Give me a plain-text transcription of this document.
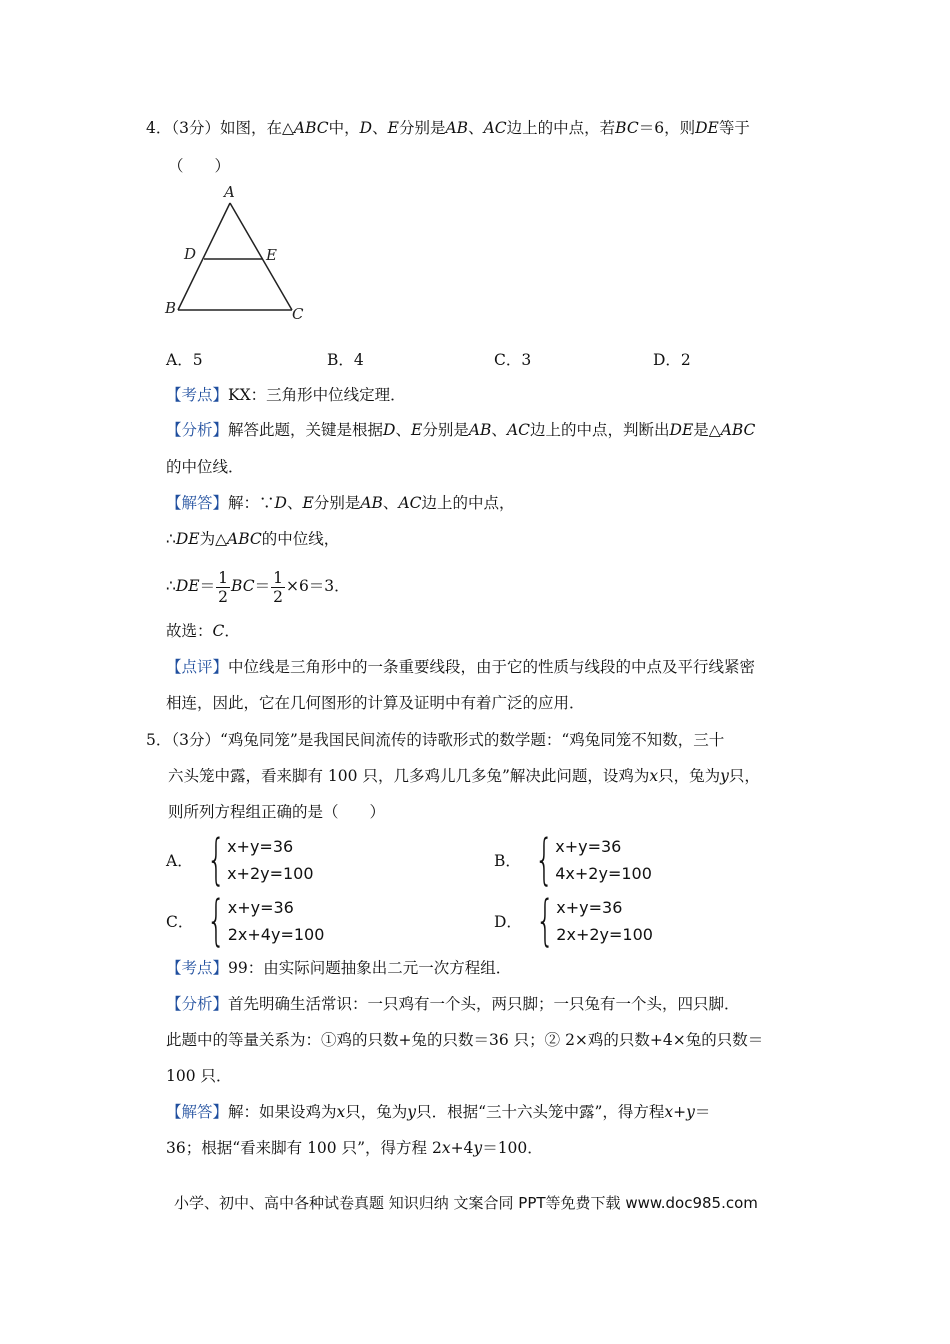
4．（3分）如图，在△ABC中，D、E分别是AB、AC边上的中点，若BC＝6，则DE等于
（　　）
A
D	E
B	C
A．5	B．4	C．3	D．2
【考点】KX：三角形中位线定理．
【分析】解答此题，关键是根据D、E分别是AB、AC边上的中点，判断出DE是△ABC
的中位线．
【解答】解：∵D、E分别是AB、AC边上的中点，
∴DE为△ABC的中位线，
∴DE＝ $\frac{1}{2} BC= \frac{1}{2} \times 6=3$．
故选：C．
【点评】中位线是三角形中的一条重要线段，由于它的性质与线段的中点及平行线紧密
相连，因此，它在几何图形的计算及证明中有着广泛的应用．
5．（3分）“鸡兔同笼”是我国民间流传的诗歌形式的数学题：“鸡兔同笼不知数，三十
六头笼中露，看来脚有 100 只，几多鸡儿几多兔”解决此问题，设鸡为x只，兔为y只，
则所列方程组正确的是（　　）
A． { x+y=36
x+2y=100
B． { x+y=36
4x+2y=100
C． { x+y=36
2x+4y=100
D． { x+y=36
2x+2y=100
【考点】99：由实际问题抽象出二元一次方程组．
【分析】首先明确生活常识：一只鸡有一个头，两只脚；一只兔有一个头，四只脚．
此题中的等量关系为：①鸡的只数+兔的只数＝36 只；② 2×鸡的只数+4×兔的只数＝
100 只．
【解答】解：如果设鸡为x只，兔为y只．根据“三十六头笼中露”，得方程x+y＝
36；根据“看来脚有 100 只”，得方程 2x+4y＝100．
小学、初中、高中各种试卷真题 知识归纳 文案合同 PPT等免费下载 www.doc985.com
